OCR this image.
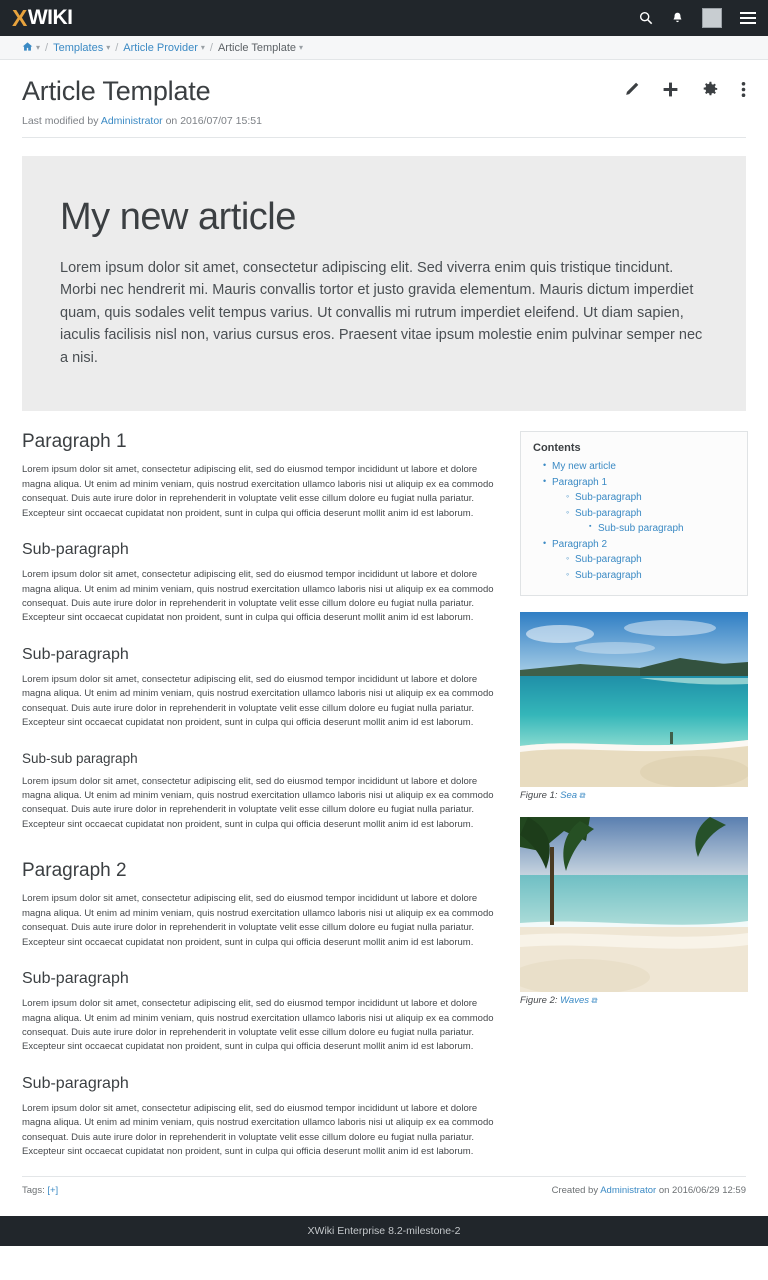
X WIKI
▾ / Templates ▾ / Article Provider ▾ / Article Template ▾
Article Template
Last modified by Administrator on 2016/07/07 15:51
My new article

Lorem ipsum dolor sit amet, consectetur adipiscing elit. Sed viverra enim quis tristique tincidunt. Morbi nec hendrerit mi. Mauris convallis tortor et justo gravida elementum. Mauris dictum imperdiet quam, quis sodales velit tempus varius. Ut convallis mi rutrum imperdiet eleifend. Ut diam sapien, iaculis facilisis nisl non, varius cursus eros. Praesent vitae ipsum molestie enim pulvinar semper nec a nisi.

Paragraph 1

Lorem ipsum dolor sit amet, consectetur adipiscing elit, sed do eiusmod tempor incididunt ut labore et dolore magna aliqua. Ut enim ad minim veniam, quis nostrud exercitation ullamco laboris nisi ut aliquip ex ea commodo consequat. Duis aute irure dolor in reprehenderit in voluptate velit esse cillum dolore eu fugiat nulla pariatur. Excepteur sint occaecat cupidatat non proident, sunt in culpa qui officia deserunt mollit anim id est laborum.

Sub-paragraph

Lorem ipsum dolor sit amet, consectetur adipiscing elit, sed do eiusmod tempor incididunt ut labore et dolore magna aliqua. Ut enim ad minim veniam, quis nostrud exercitation ullamco laboris nisi ut aliquip ex ea commodo consequat. Duis aute irure dolor in reprehenderit in voluptate velit esse cillum dolore eu fugiat nulla pariatur. Excepteur sint occaecat cupidatat non proident, sunt in culpa qui officia deserunt mollit anim id est laborum.

Sub-paragraph

Lorem ipsum dolor sit amet, consectetur adipiscing elit, sed do eiusmod tempor incididunt ut labore et dolore magna aliqua. Ut enim ad minim veniam, quis nostrud exercitation ullamco laboris nisi ut aliquip ex ea commodo consequat. Duis aute irure dolor in reprehenderit in voluptate velit esse cillum dolore eu fugiat nulla pariatur. Excepteur sint occaecat cupidatat non proident, sunt in culpa qui officia deserunt mollit anim id est laborum.

Sub-sub paragraph

Lorem ipsum dolor sit amet, consectetur adipiscing elit, sed do eiusmod tempor incididunt ut labore et dolore magna aliqua. Ut enim ad minim veniam, quis nostrud exercitation ullamco laboris nisi ut aliquip ex ea commodo consequat. Duis aute irure dolor in reprehenderit in voluptate velit esse cillum dolore eu fugiat nulla pariatur. Excepteur sint occaecat cupidatat non proident, sunt in culpa qui officia deserunt mollit anim id est laborum.

Paragraph 2

Lorem ipsum dolor sit amet, consectetur adipiscing elit, sed do eiusmod tempor incididunt ut labore et dolore magna aliqua. Ut enim ad minim veniam, quis nostrud exercitation ullamco laboris nisi ut aliquip ex ea commodo consequat. Duis aute irure dolor in reprehenderit in voluptate velit esse cillum dolore eu fugiat nulla pariatur. Excepteur sint occaecat cupidatat non proident, sunt in culpa qui officia deserunt mollit anim id est laborum.

Sub-paragraph

Lorem ipsum dolor sit amet, consectetur adipiscing elit, sed do eiusmod tempor incididunt ut labore et dolore magna aliqua. Ut enim ad minim veniam, quis nostrud exercitation ullamco laboris nisi ut aliquip ex ea commodo consequat. Duis aute irure dolor in reprehenderit in voluptate velit esse cillum dolore eu fugiat nulla pariatur. Excepteur sint occaecat cupidatat non proident, sunt in culpa qui officia deserunt mollit anim id est laborum.

Sub-paragraph

Lorem ipsum dolor sit amet, consectetur adipiscing elit, sed do eiusmod tempor incididunt ut labore et dolore magna aliqua. Ut enim ad minim veniam, quis nostrud exercitation ullamco laboris nisi ut aliquip ex ea commodo consequat. Duis aute irure dolor in reprehenderit in voluptate velit esse cillum dolore eu fugiat nulla pariatur. Excepteur sint occaecat cupidatat non proident, sunt in culpa qui officia deserunt mollit anim id est laborum.

Contents
• My new article
• Paragraph 1
◦ Sub-paragraph
◦ Sub-paragraph
▪ Sub-sub paragraph
• Paragraph 2
◦ Sub-paragraph
◦ Sub-paragraph
Figure 1: Sea ⧉
Figure 2: Waves ⧉
Tags:
[+]	Created by Administrator on 2016/06/29 12:59
XWiki Enterprise 8.2-milestone-2
